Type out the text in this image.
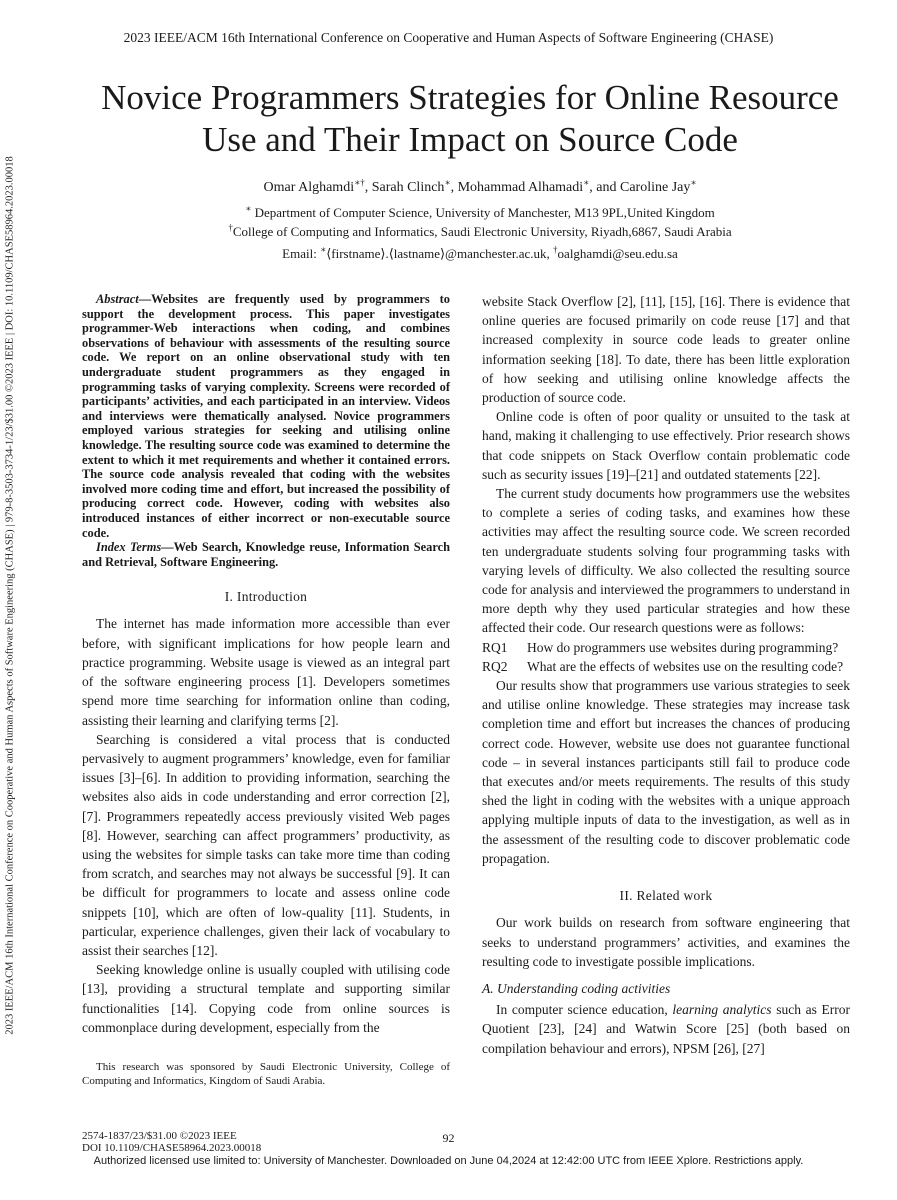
2023 IEEE/ACM 16th International Conference on Cooperative and Human Aspects of Software Engineering (CHASE)
2023 IEEE/ACM 16th International Conference on Cooperative and Human Aspects of Software Engineering (CHASE) | 979-8-3503-3734-1/23/$31.00 ©2023 IEEE | DOI: 10.1109/CHASE58964.2023.00018
Novice Programmers Strategies for Online Resource
Use and Their Impact on Source Code
Omar Alghamdi∗†, Sarah Clinch∗, Mohammad Alhamadi∗, and Caroline Jay∗
∗ Department of Computer Science, University of Manchester, M13 9PL,United Kingdom
†College of Computing and Informatics, Saudi Electronic University, Riyadh,6867, Saudi Arabia
Email: ∗⟨firstname⟩.⟨lastname⟩@manchester.ac.uk, †oalghamdi@seu.edu.sa

Abstract—Websites are frequently used by programmers to support the development process. This paper investigates programmer-Web interactions when coding, and combines observations of behaviour with assessments of the resulting source code. We report on an online observational study with ten undergraduate student programmers as they engaged in programming tasks of varying complexity. Screens were recorded of participants’ activities, and each participated in an interview. Videos and interviews were thematically analysed. Novice programmers employed various strategies for seeking and utilising online knowledge. The resulting source code was examined to determine the extent to which it met requirements and whether it contained errors. The source code analysis revealed that coding with the websites involved more coding time and effort, but increased the possibility of producing correct code. However, coding with websites also introduced instances of either incorrect or non-executable source code.

Index Terms—Web Search, Knowledge reuse, Information Search and Retrieval, Software Engineering.

I. Introduction

The internet has made information more accessible than ever before, with significant implications for how people learn and practice programming. Website usage is viewed as an integral part of the software engineering process [1]. Developers sometimes spend more time searching for information online than coding, assisting their learning and clarifying terms [2].

Searching is considered a vital process that is conducted pervasively to augment programmers’ knowledge, even for familiar issues [3]–[6]. In addition to providing information, searching the websites also aids in code understanding and error correction [2], [7]. Programmers repeatedly access previously visited Web pages [8]. However, searching can affect programmers’ productivity, as using the websites for simple tasks can take more time than coding from scratch, and searches may not always be successful [9]. It can be difficult for programmers to locate and assess online code snippets [10], which are often of low-quality [11]. Students, in particular, experience challenges, given their lack of vocabulary to assist their searches [12].

Seeking knowledge online is usually coupled with utilising code [13], providing a structural template and supporting similar functionalities [14]. Copying code from online sources is commonplace during development, especially from the

This research was sponsored by Saudi Electronic University, College of Computing and Informatics, Kingdom of Saudi Arabia.

website Stack Overflow [2], [11], [15], [16]. There is evidence that online queries are focused primarily on code reuse [17] and that increased complexity in source code leads to greater online information seeking [18]. To date, there has been little exploration of how seeking and utilising online knowledge affects the production of source code.

Online code is often of poor quality or unsuited to the task at hand, making it challenging to use effectively. Prior research shows that code snippets on Stack Overflow contain problematic code such as security issues [19]–[21] and outdated statements [22].

The current study documents how programmers use the websites to complete a series of coding tasks, and examines how these activities may affect the resulting source code. We screen recorded ten undergraduate students solving four programming tasks with varying levels of difficulty. We also collected the resulting source code for analysis and interviewed the programmers to understand in more depth why they used particular strategies and how these affected their code. Our research questions were as follows:

RQ1	How do programmers use websites during programming?
RQ2	What are the effects of websites use on the resulting code?

Our results show that programmers use various strategies to seek and utilise online knowledge. These strategies may increase task completion time and effort but increases the chances of producing correct code. However, website use does not guarantee functional code – in several instances participants still fail to produce code that executes and/or meets requirements. The results of this study shed the light in coding with the websites with a unique approach applying multiple inputs of data to the investigation, as well as in the assessment of the resulting code to discover problematic code propagation.

II. Related work

Our work builds on research from software engineering that seeks to understand programmers’ activities, and examines the resulting code to investigate possible implications.

A. Understanding coding activities

In computer science education, learning analytics such as Error Quotient [23], [24] and Watwin Score [25] (both based on compilation behaviour and errors), NPSM [26], [27]

2574-1837/23/$31.00 ©2023 IEEE
DOI 10.1109/CHASE58964.2023.00018
92
Authorized licensed use limited to: University of Manchester. Downloaded on June 04,2024 at 12:42:00 UTC from IEEE Xplore. Restrictions apply.
